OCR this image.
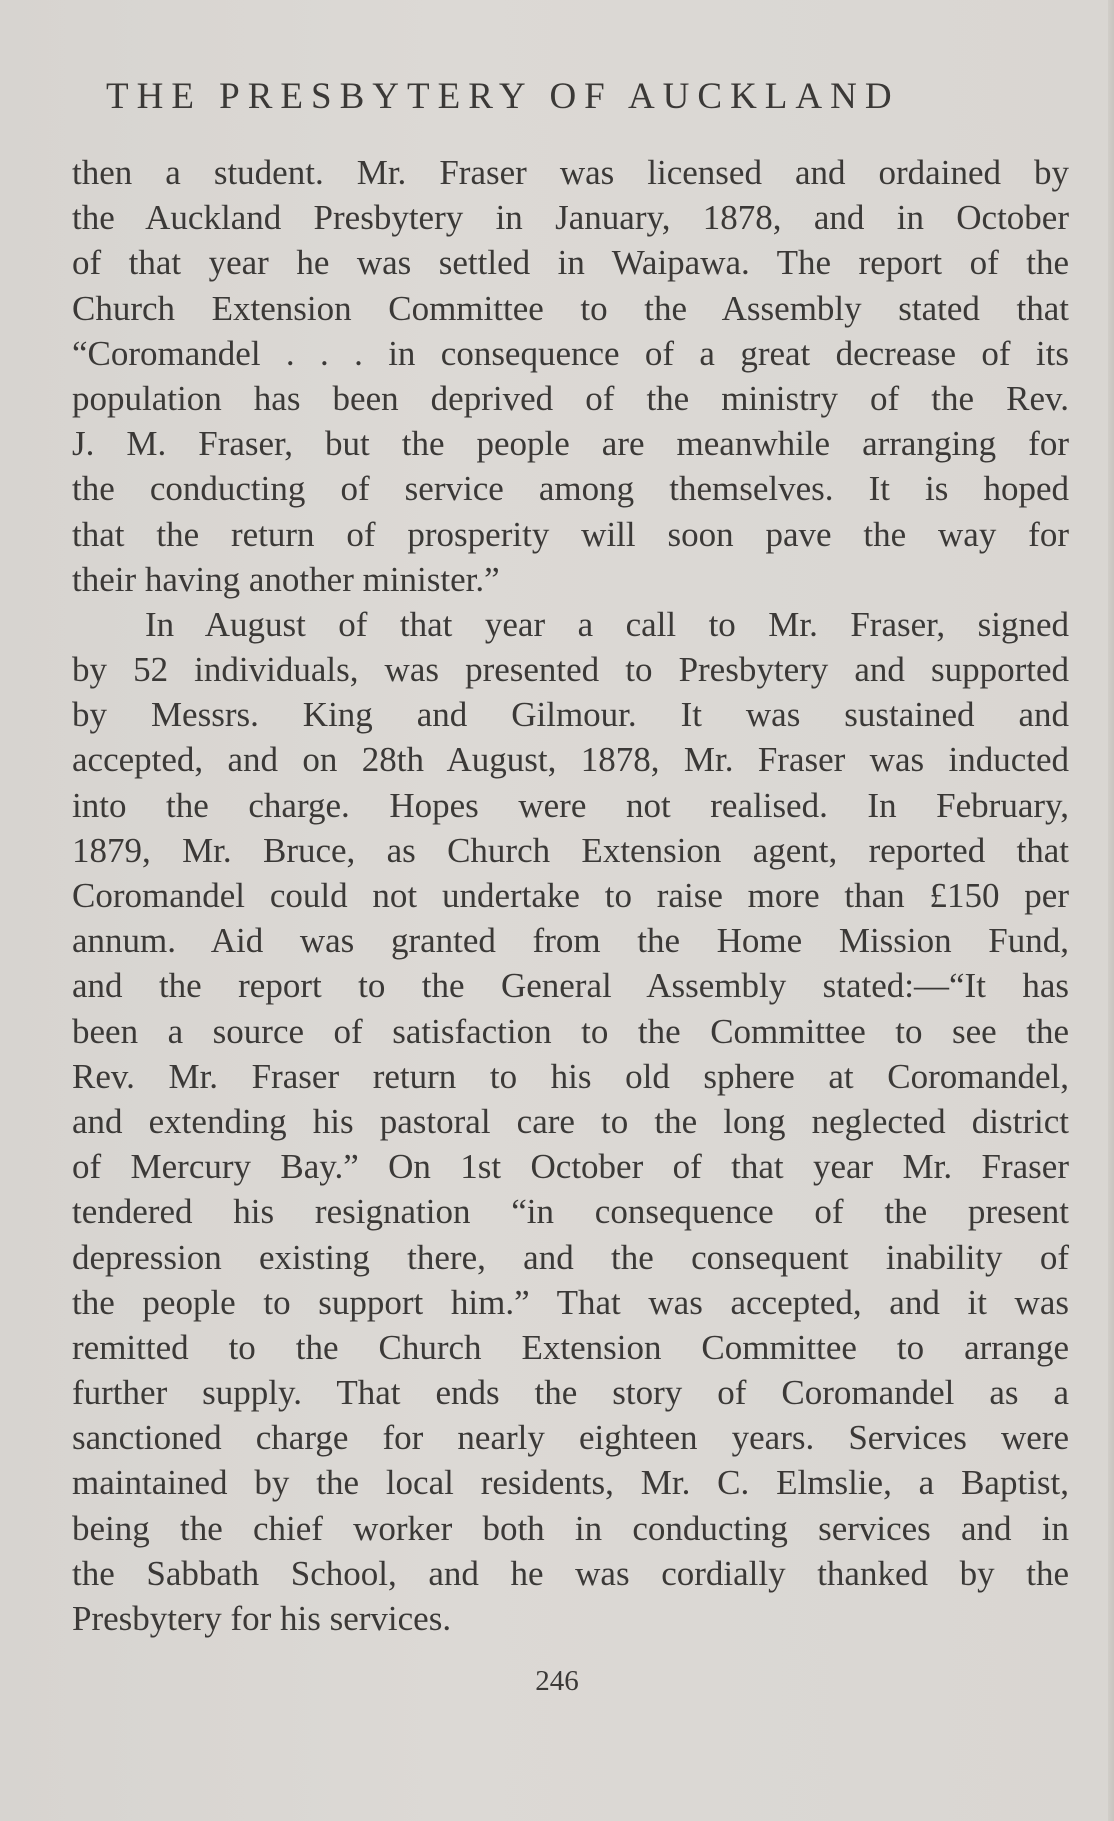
THE PRESBYTERY OF AUCKLAND
then a student. Mr. Fraser was licensed and ordained by
the Auckland Presbytery in January, 1878, and in October
of that year he was settled in Waipawa. The report of the
Church Extension Committee to the Assembly stated that
“Coromandel . . . in consequence of a great decrease of its
population has been deprived of the ministry of the Rev.
J. M. Fraser, but the people are meanwhile arranging for
the conducting of service among themselves. It is hoped
that the return of prosperity will soon pave the way for
their having another minister.”
In August of that year a call to Mr. Fraser, signed
by 52 individuals, was presented to Presbytery and supported
by Messrs. King and Gilmour. It was sustained and
accepted, and on 28th August, 1878, Mr. Fraser was inducted
into the charge. Hopes were not realised. In February,
1879, Mr. Bruce, as Church Extension agent, reported that
Coromandel could not undertake to raise more than £150 per
annum. Aid was granted from the Home Mission Fund,
and the report to the General Assembly stated:—“It has
been a source of satisfaction to the Committee to see the
Rev. Mr. Fraser return to his old sphere at Coromandel,
and extending his pastoral care to the long neglected district
of Mercury Bay.” On 1st October of that year Mr. Fraser
tendered his resignation “in consequence of the present
depression existing there, and the consequent inability of
the people to support him.” That was accepted, and it was
remitted to the Church Extension Committee to arrange
further supply. That ends the story of Coromandel as a
sanctioned charge for nearly eighteen years. Services were
maintained by the local residents, Mr. C. Elmslie, a Baptist,
being the chief worker both in conducting services and in
the Sabbath School, and he was cordially thanked by the
Presbytery for his services.
246
